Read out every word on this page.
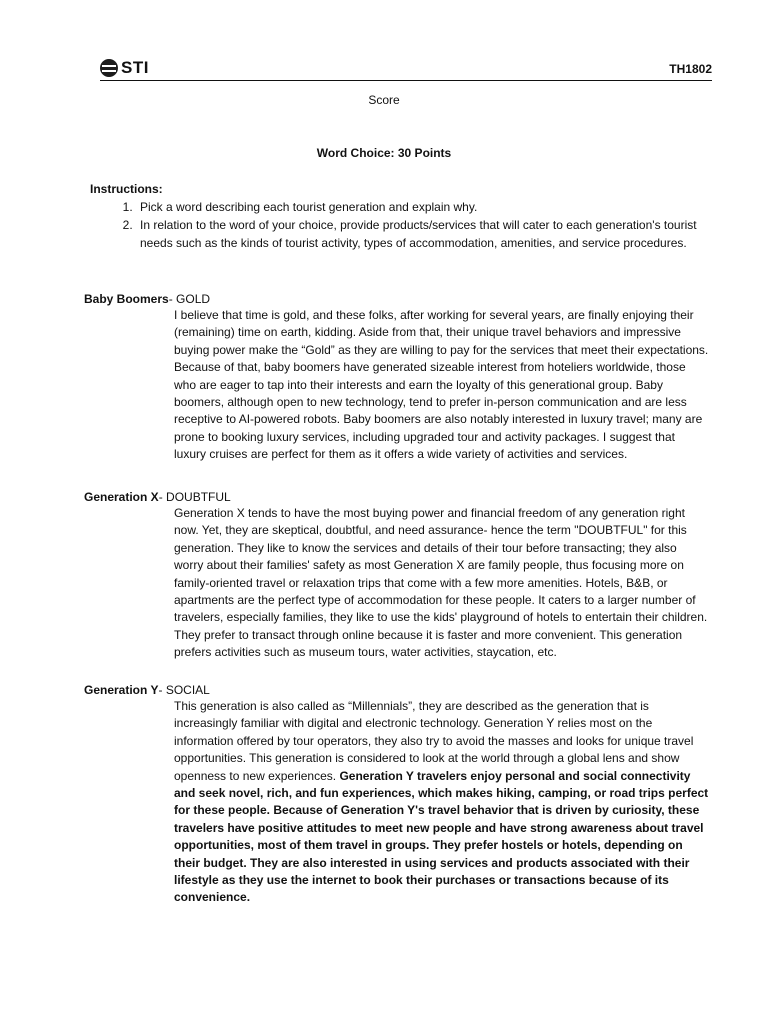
STI	TH1802
Score
Word Choice: 30 Points
Instructions:
1. Pick a word describing each tourist generation and explain why.
2. In relation to the word of your choice, provide products/services that will cater to each generation's tourist needs such as the kinds of tourist activity, types of accommodation, amenities, and service procedures.
Baby Boomers- GOLD
I believe that time is gold, and these folks, after working for several years, are finally enjoying their (remaining) time on earth, kidding. Aside from that, their unique travel behaviors and impressive buying power make the “Gold” as they are willing to pay for the services that meet their expectations. Because of that, baby boomers have generated sizeable interest from hoteliers worldwide, those who are eager to tap into their interests and earn the loyalty of this generational group. Baby boomers, although open to new technology, tend to prefer in-person communication and are less receptive to AI-powered robots. Baby boomers are also notably interested in luxury travel; many are prone to booking luxury services, including upgraded tour and activity packages. I suggest that luxury cruises are perfect for them as it offers a wide variety of activities and services.
Generation X- DOUBTFUL
Generation X tends to have the most buying power and financial freedom of any generation right now. Yet, they are skeptical, doubtful, and need assurance- hence the term "DOUBTFUL" for this generation. They like to know the services and details of their tour before transacting; they also worry about their families' safety as most Generation X are family people, thus focusing more on family-oriented travel or relaxation trips that come with a few more amenities. Hotels, B&B, or apartments are the perfect type of accommodation for these people. It caters to a larger number of travelers, especially families, they like to use the kids' playground of hotels to entertain their children. They prefer to transact through online because it is faster and more convenient. This generation prefers activities such as museum tours, water activities, staycation, etc.
Generation Y- SOCIAL
This generation is also called as “Millennials”, they are described as the generation that is increasingly familiar with digital and electronic technology. Generation Y relies most on the information offered by tour operators, they also try to avoid the masses and looks for unique travel opportunities. This generation is considered to look at the world through a global lens and show openness to new experiences. Generation Y travelers enjoy personal and social connectivity and seek novel, rich, and fun experiences, which makes hiking, camping, or road trips perfect for these people. Because of Generation Y's travel behavior that is driven by curiosity, these travelers have positive attitudes to meet new people and have strong awareness about travel opportunities, most of them travel in groups. They prefer hostels or hotels, depending on their budget. They are also interested in using services and products associated with their lifestyle as they use the internet to book their purchases or transactions because of its convenience.
